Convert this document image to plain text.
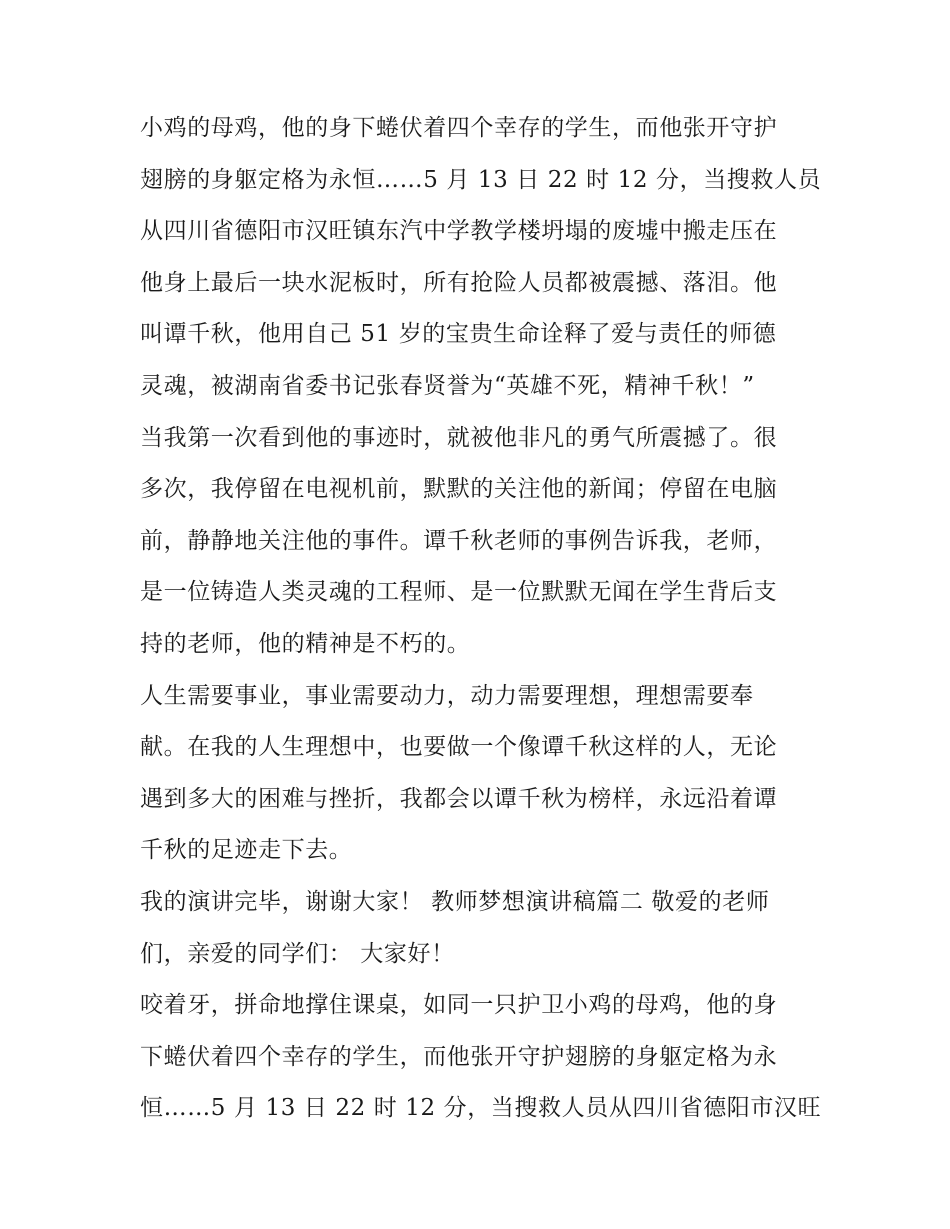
小鸡的母鸡，他的身下蜷伏着四个幸存的学生，而他张开守护
翅膀的身躯定格为永恒……5 月 13 日 22 时 12 分，当搜救人员
从四川省德阳市汉旺镇东汽中学教学楼坍塌的废墟中搬走压在
他身上最后一块水泥板时，所有抢险人员都被震撼、落泪。他
叫谭千秋，他用自己 51 岁的宝贵生命诠释了爱与责任的师德
灵魂，被湖南省委书记张春贤誉为“英雄不死，精神千秋！”
当我第一次看到他的事迹时，就被他非凡的勇气所震撼了。很
多次，我停留在电视机前，默默的关注他的新闻；停留在电脑
前，静静地关注他的事件。谭千秋老师的事例告诉我，老师，
是一位铸造人类灵魂的工程师、是一位默默无闻在学生背后支
持的老师，他的精神是不朽的。
人生需要事业，事业需要动力，动力需要理想，理想需要奉
献。在我的人生理想中，也要做一个像谭千秋这样的人，无论
遇到多大的困难与挫折，我都会以谭千秋为榜样，永远沿着谭
千秋的足迹走下去。
我的演讲完毕，谢谢大家！ 教师梦想演讲稿篇二 敬爱的老师
们，亲爱的同学们： 大家好！
咬着牙，拼命地撑住课桌，如同一只护卫小鸡的母鸡，他的身
下蜷伏着四个幸存的学生，而他张开守护翅膀的身躯定格为永
恒……5 月 13 日 22 时 12 分，当搜救人员从四川省德阳市汉旺
